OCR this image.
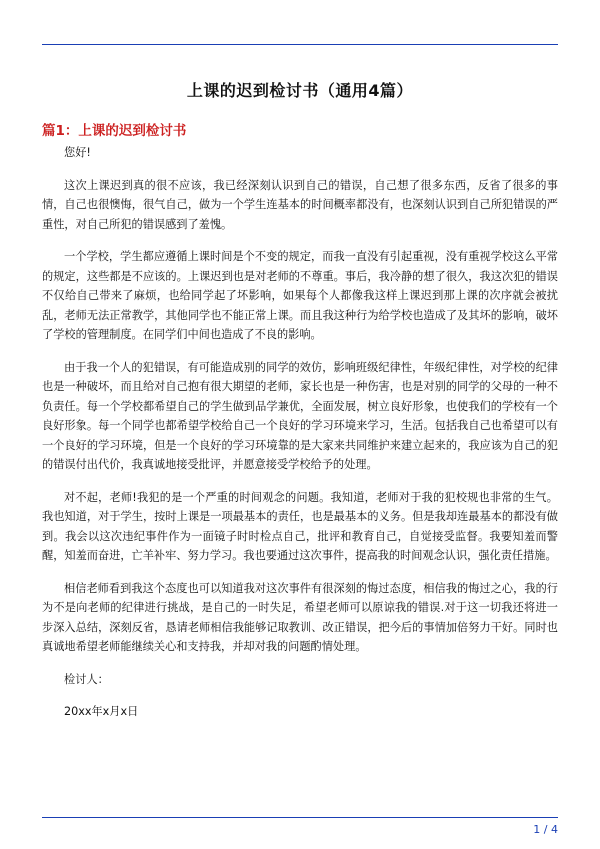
上课的迟到检讨书（通用4篇）
篇1：上课的迟到检讨书

您好!

这次上课迟到真的很不应该，我已经深刻认识到自己的错误，自己想了很多东西，反省了很多的事情，自己也很懊悔，很气自己，做为一个学生连基本的时间概率都没有，也深刻认识到自己所犯错误的严重性，对自己所犯的错误感到了羞愧。

一个学校，学生都应遵循上课时间是个不变的规定，而我一直没有引起重视，没有重视学校这么平常的规定，这些都是不应该的。上课迟到也是对老师的不尊重。事后，我冷静的想了很久，我这次犯的错误不仅给自己带来了麻烦，也给同学起了坏影响，如果每个人都像我这样上课迟到那上课的次序就会被扰乱，老师无法正常教学，其他同学也不能正常上课。而且我这种行为给学校也造成了及其坏的影响，破坏了学校的管理制度。在同学们中间也造成了不良的影响。

由于我一个人的犯错误，有可能造成别的同学的效仿，影响班级纪律性，年级纪律性，对学校的纪律也是一种破坏，而且给对自己抱有很大期望的老师，家长也是一种伤害，也是对别的同学的父母的一种不负责任。每一个学校都希望自己的学生做到品学兼优，全面发展，树立良好形象，也使我们的学校有一个良好形象。每一个同学也都希望学校给自己一个良好的学习环境来学习，生活。包括我自己也希望可以有一个良好的学习环境，但是一个良好的学习环境靠的是大家来共同维护来建立起来的，我应该为自己的犯的错误付出代价，我真诚地接受批评，并愿意接受学校给予的处理。

对不起，老师!我犯的是一个严重的时间观念的问题。我知道，老师对于我的犯校规也非常的生气。我也知道，对于学生，按时上课是一项最基本的责任，也是最基本的义务。但是我却连最基本的都没有做到。我会以这次违纪事件作为一面镜子时时检点自己，批评和教育自己，自觉接受监督。我要知羞而警醒，知羞而奋进，亡羊补牢、努力学习。我也要通过这次事件，提高我的时间观念认识，强化责任措施。

相信老师看到我这个态度也可以知道我对这次事件有很深刻的悔过态度，相信我的悔过之心，我的行为不是向老师的纪律进行挑战，是自己的一时失足，希望老师可以原谅我的错误.对于这一切我还将进一步深入总结，深刻反省，恳请老师相信我能够记取教训、改正错误，把今后的事情加倍努力干好。同时也真诚地希望老师能继续关心和支持我，并却对我的问题酌情处理。

检讨人：

20xx年x月x日

1 / 4
